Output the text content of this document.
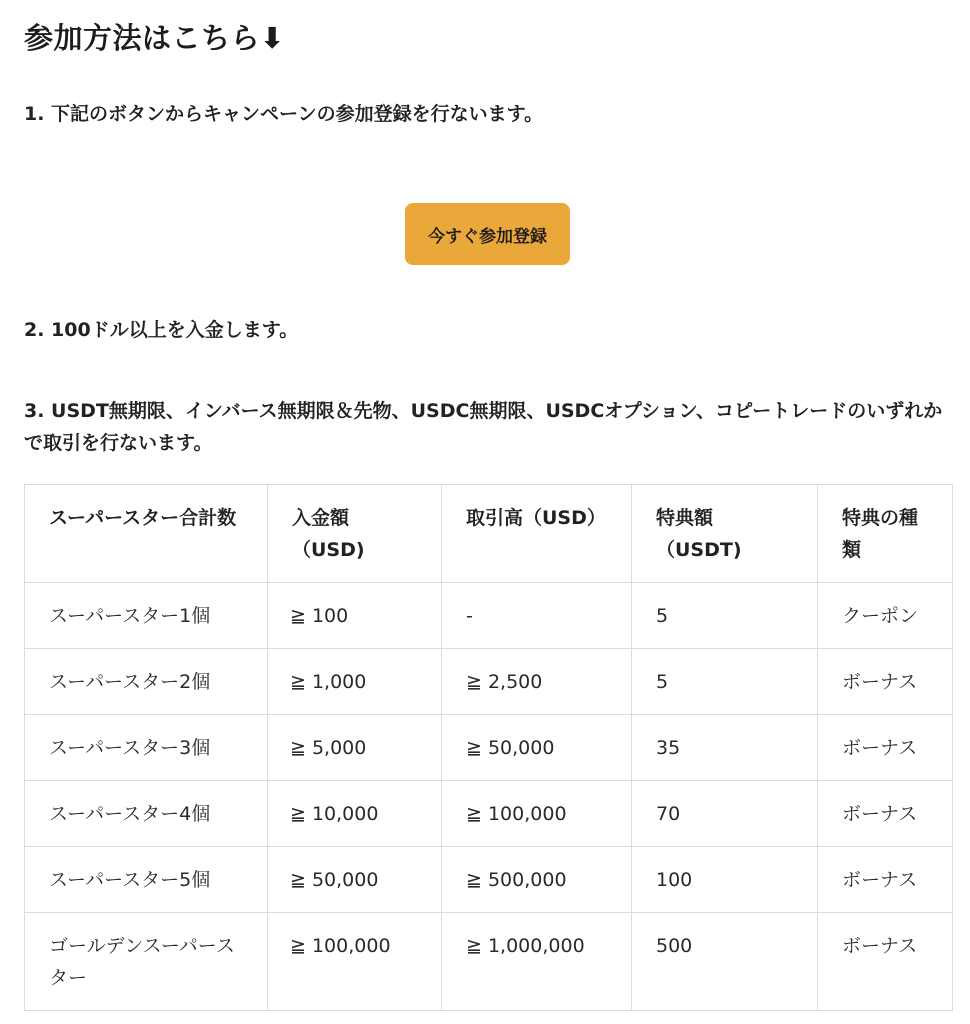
参加方法はこちら⬇

1. 下記のボタンからキャンペーンの参加登録を行ないます。

今すぐ参加登録

2. 100ドル以上を入金します。

3. USDT無期限、インバース無期限＆先物、USDC無期限、USDCオプション、コピートレードのいずれかで取引を行ないます。

スーパースター合計数	入金額（USD)	取引高（USD）	特典額（USDT)	特典の種類
スーパースター1個	≧ 100	-	5	クーポン
スーパースター2個	≧ 1,000	≧ 2,500	5	ボーナス
スーパースター3個	≧ 5,000	≧ 50,000	35	ボーナス
スーパースター4個	≧ 10,000	≧ 100,000	70	ボーナス
スーパースター5個	≧ 50,000	≧ 500,000	100	ボーナス
ゴールデンスーパースター	≧ 100,000	≧ 1,000,000	500	ボーナス
